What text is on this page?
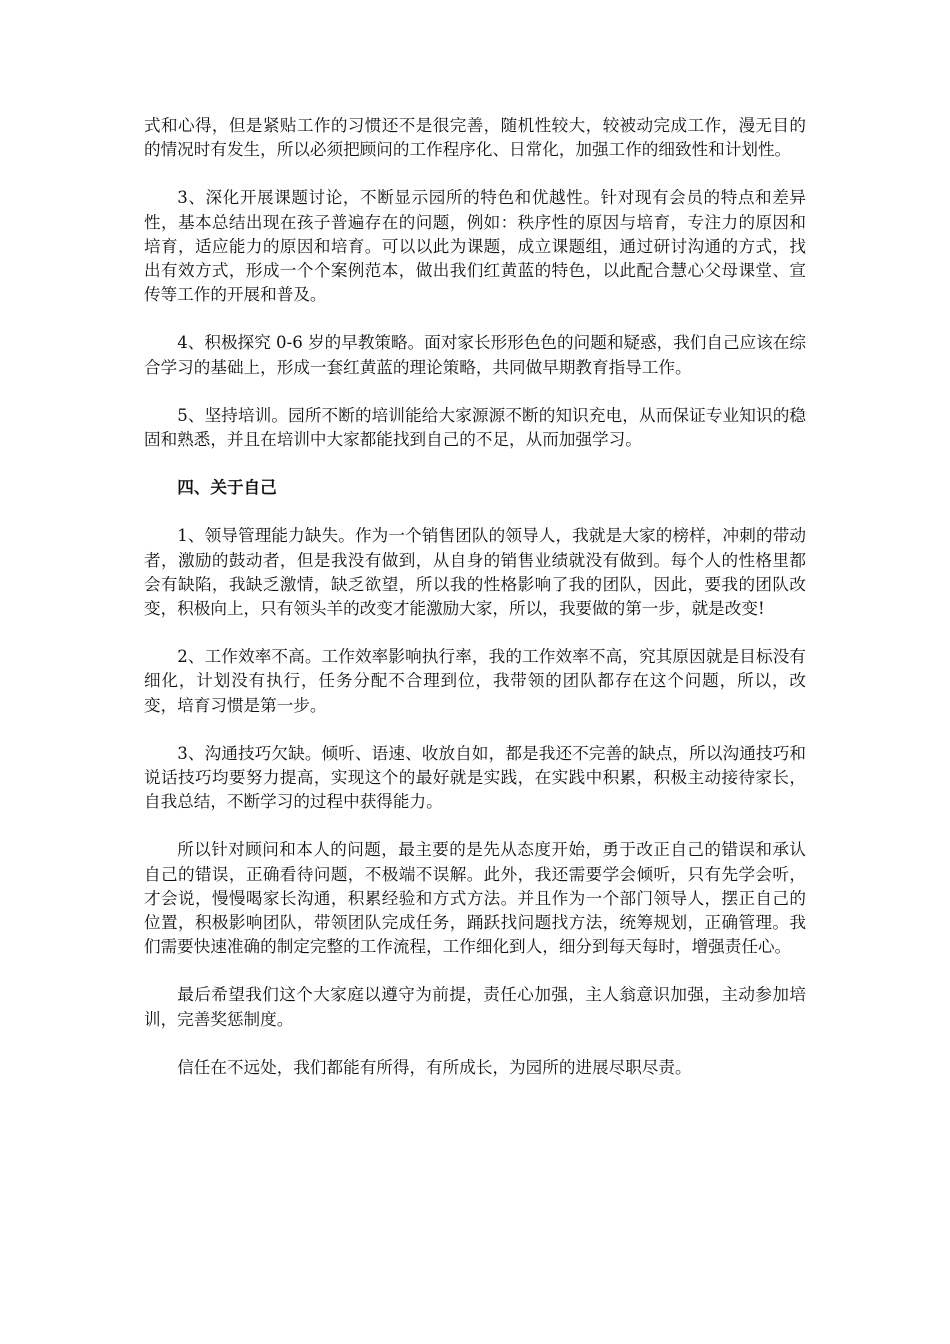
式和心得，但是紧贴工作的习惯还不是很完善，随机性较大，较被动完成工作，漫无目的的情况时有发生，所以必须把顾问的工作程序化、日常化，加强工作的细致性和计划性。

3、深化开展课题讨论，不断显示园所的特色和优越性。针对现有会员的特点和差异性，基本总结出现在孩子普遍存在的问题，例如：秩序性的原因与培育，专注力的原因和培育，适应能力的原因和培育。可以以此为课题，成立课题组，通过研讨沟通的方式，找出有效方式，形成一个个案例范本，做出我们红黄蓝的特色，以此配合慧心父母课堂、宣传等工作的开展和普及。

4、积极探究 0-6 岁的早教策略。面对家长形形色色的问题和疑惑，我们自己应该在综合学习的基础上，形成一套红黄蓝的理论策略，共同做早期教育指导工作。

5、坚持培训。园所不断的培训能给大家源源不断的知识充电，从而保证专业知识的稳固和熟悉，并且在培训中大家都能找到自己的不足，从而加强学习。

四、关于自己

1、领导管理能力缺失。作为一个销售团队的领导人，我就是大家的榜样，冲刺的带动者，激励的鼓动者，但是我没有做到，从自身的销售业绩就没有做到。每个人的性格里都会有缺陷，我缺乏激情，缺乏欲望，所以我的性格影响了我的团队，因此，要我的团队改变，积极向上，只有领头羊的改变才能激励大家，所以，我要做的第一步，就是改变!

2、工作效率不高。工作效率影响执行率，我的工作效率不高，究其原因就是目标没有细化，计划没有执行，任务分配不合理到位，我带领的团队都存在这个问题，所以，改变，培育习惯是第一步。

3、沟通技巧欠缺。倾听、语速、收放自如，都是我还不完善的缺点，所以沟通技巧和说话技巧均要努力提高，实现这个的最好就是实践，在实践中积累，积极主动接待家长，自我总结，不断学习的过程中获得能力。

所以针对顾问和本人的问题，最主要的是先从态度开始，勇于改正自己的错误和承认自己的错误，正确看待问题，不极端不误解。此外，我还需要学会倾听，只有先学会听，才会说，慢慢喝家长沟通，积累经验和方式方法。并且作为一个部门领导人，摆正自己的位置，积极影响团队，带领团队完成任务，踊跃找问题找方法，统筹规划，正确管理。我们需要快速准确的制定完整的工作流程，工作细化到人，细分到每天每时，增强责任心。

最后希望我们这个大家庭以遵守为前提，责任心加强，主人翁意识加强，主动参加培训，完善奖惩制度。

信任在不远处，我们都能有所得，有所成长，为园所的进展尽职尽责。
